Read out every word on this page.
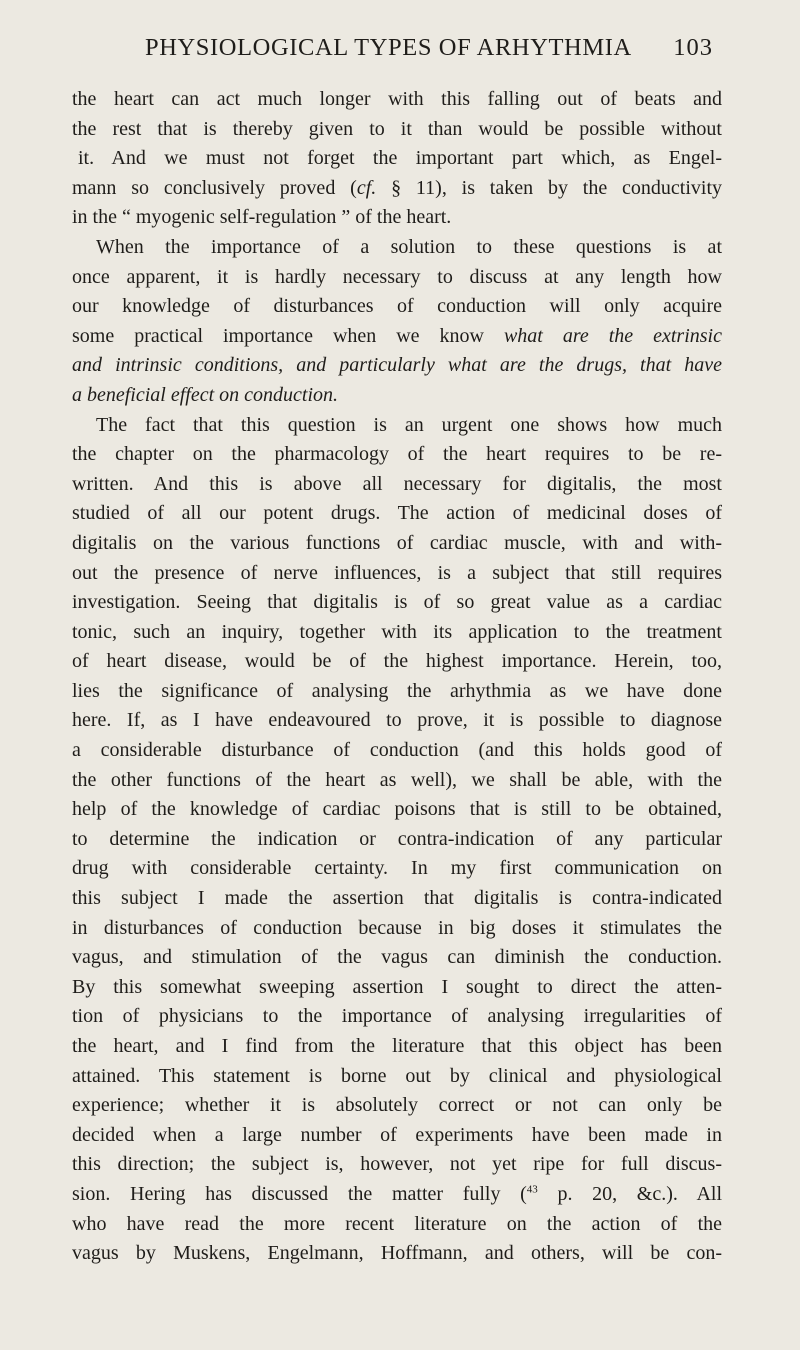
PHYSIOLOGICAL TYPES OF ARHYTHMIA	103
the heart can act much longer with this falling out of beats and
the rest that is thereby given to it than would be possible without
it. And we must not forget the important part which, as Engel-
mann so conclusively proved (cf. § 11), is taken by the conductivity
in the “ myogenic self-regulation ” of the heart.
When the importance of a solution to these questions is at
once apparent, it is hardly necessary to discuss at any length how
our knowledge of disturbances of conduction will only acquire
some practical importance when we know what are the extrinsic
and intrinsic conditions, and particularly what are the drugs, that have
a beneficial effect on conduction.
The fact that this question is an urgent one shows how much
the chapter on the pharmacology of the heart requires to be re-
written. And this is above all necessary for digitalis, the most
studied of all our potent drugs. The action of medicinal doses of
digitalis on the various functions of cardiac muscle, with and with-
out the presence of nerve influences, is a subject that still requires
investigation. Seeing that digitalis is of so great value as a cardiac
tonic, such an inquiry, together with its application to the treatment
of heart disease, would be of the highest importance. Herein, too,
lies the significance of analysing the arhythmia as we have done
here. If, as I have endeavoured to prove, it is possible to diagnose
a considerable disturbance of conduction (and this holds good of
the other functions of the heart as well), we shall be able, with the
help of the knowledge of cardiac poisons that is still to be obtained,
to determine the indication or contra-indication of any particular
drug with considerable certainty. In my first communication on
this subject I made the assertion that digitalis is contra-indicated
in disturbances of conduction because in big doses it stimulates the
vagus, and stimulation of the vagus can diminish the conduction.
By this somewhat sweeping assertion I sought to direct the atten-
tion of physicians to the importance of analysing irregularities of
the heart, and I find from the literature that this object has been
attained. This statement is borne out by clinical and physiological
experience; whether it is absolutely correct or not can only be
decided when a large number of experiments have been made in
this direction; the subject is, however, not yet ripe for full discus-
sion. Hering has discussed the matter fully ($^{43}$ p. 20, &c.). All
who have read the more recent literature on the action of the
vagus by Muskens, Engelmann, Hoffmann, and others, will be con-
